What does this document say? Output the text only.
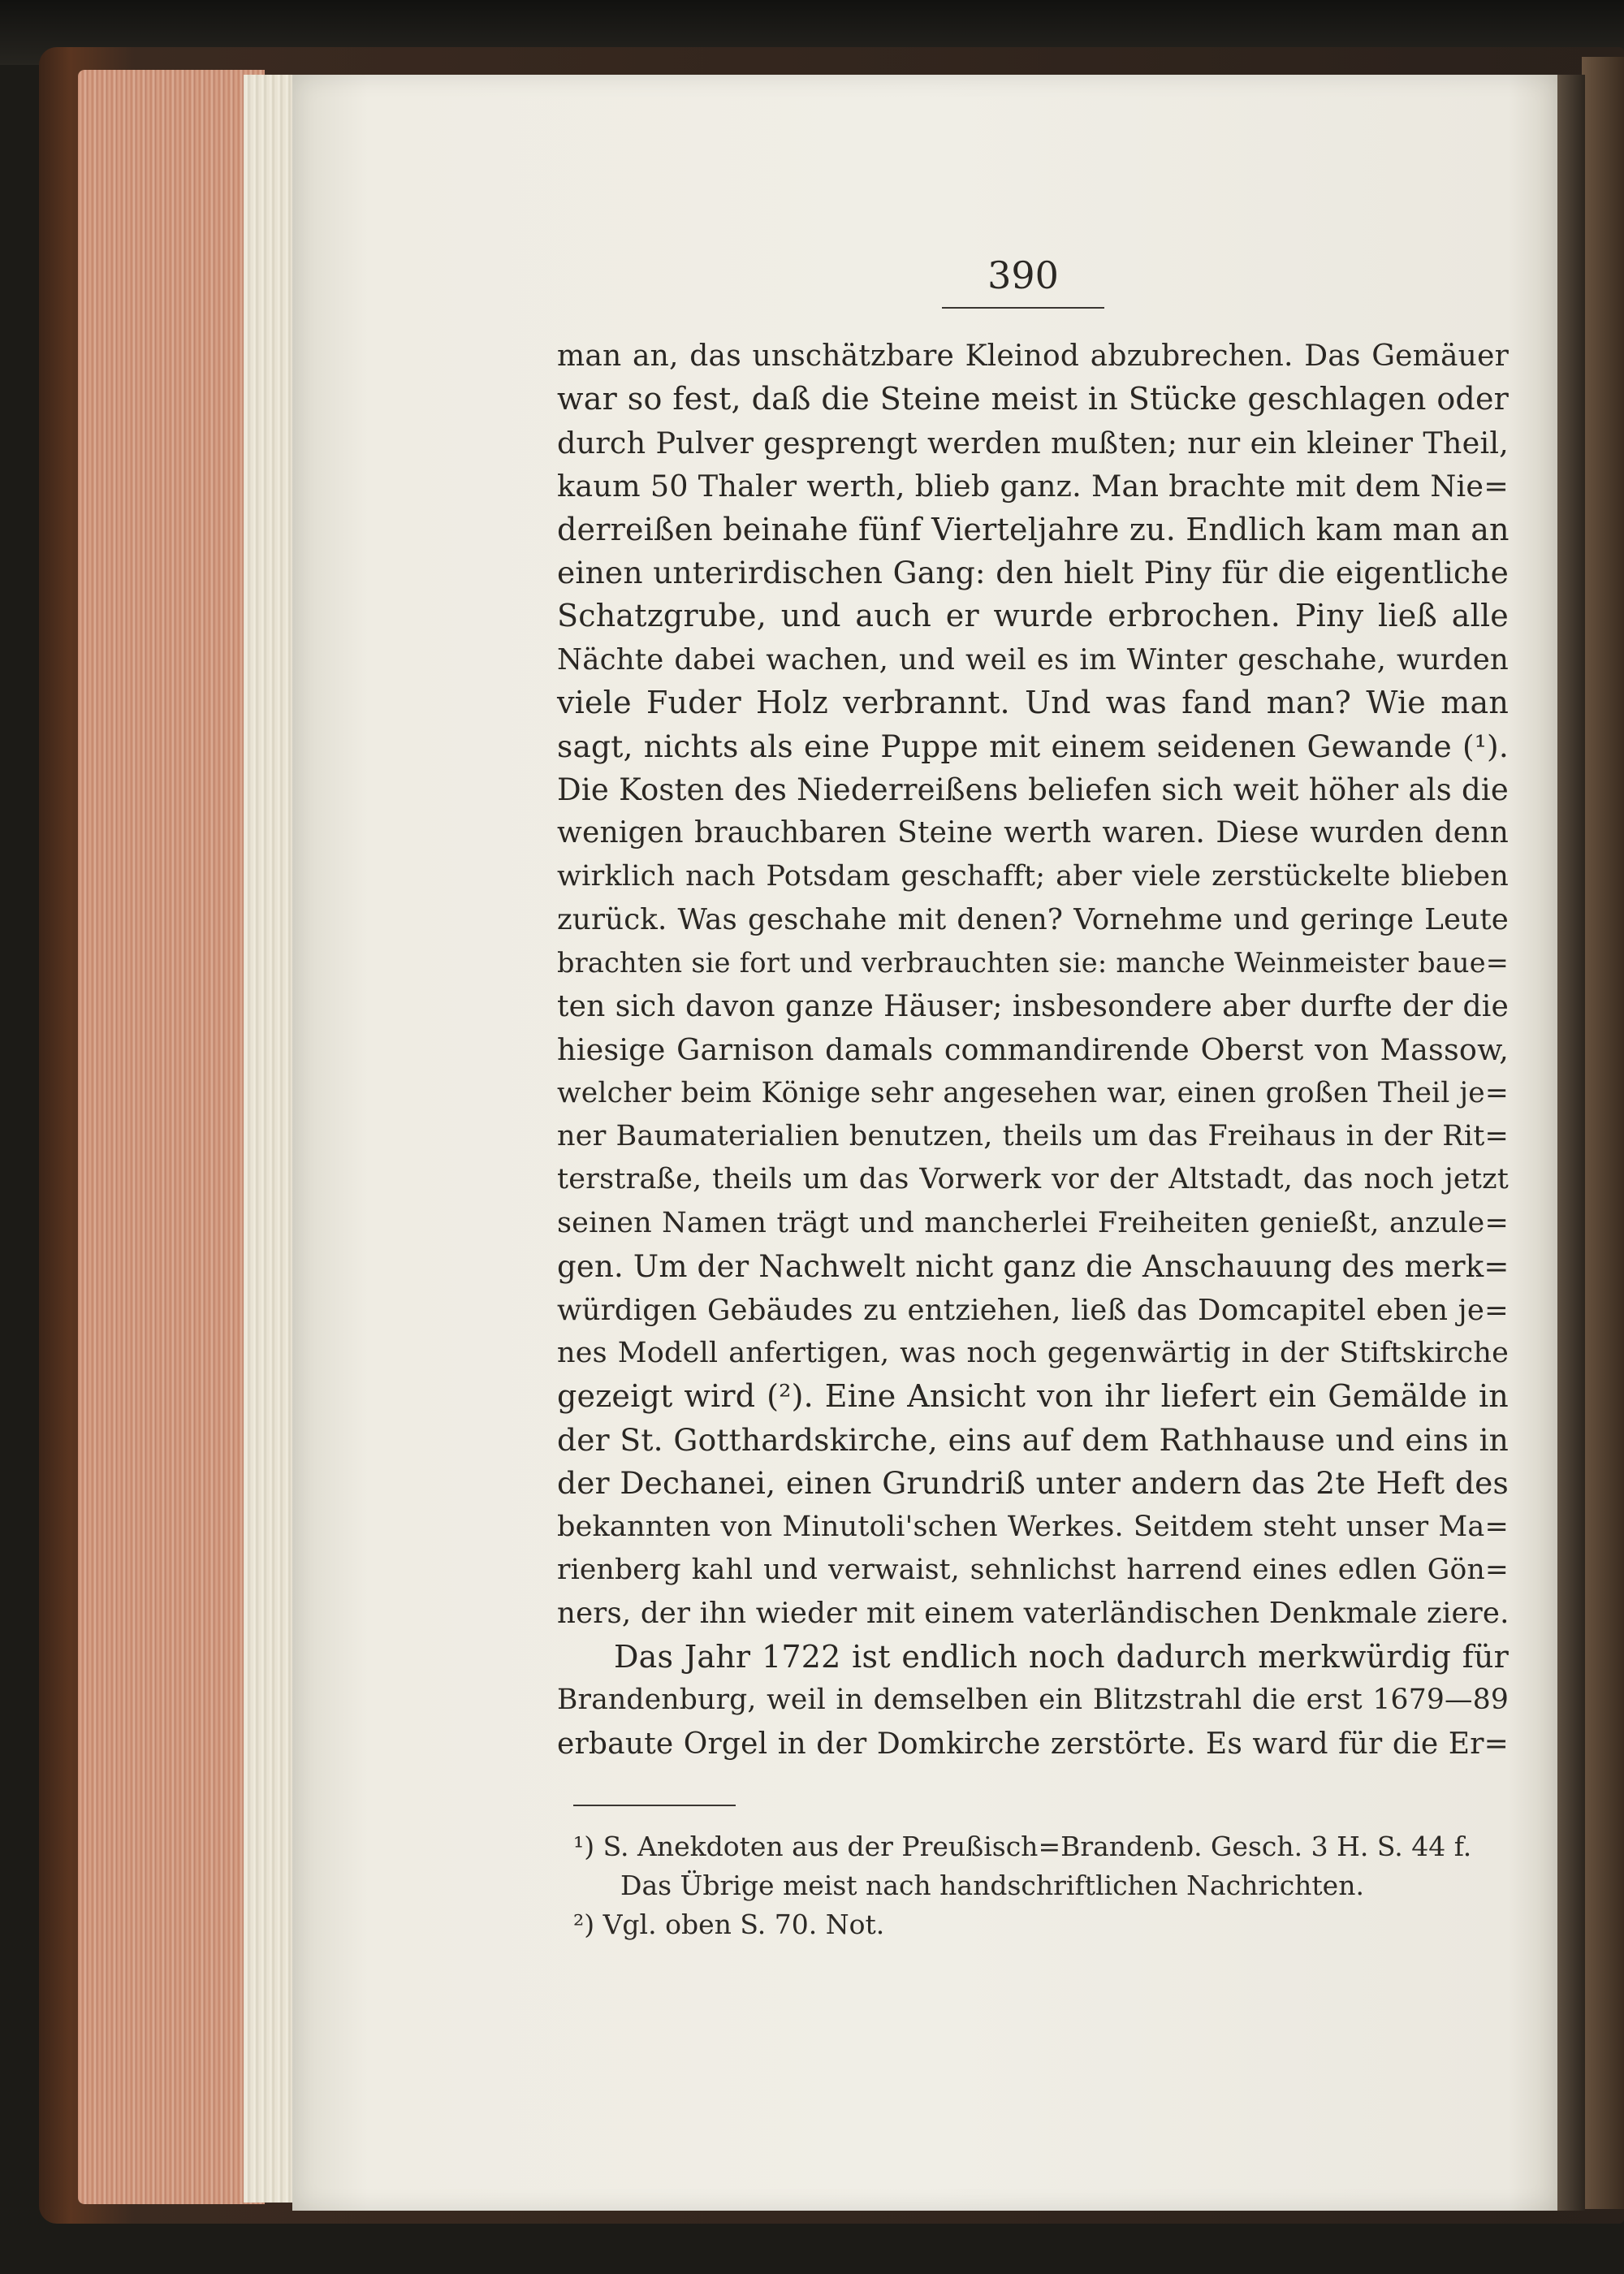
390
man an, das unschätzbare Kleinod abzubrechen. Das Gemäuer
war so fest, daß die Steine meist in Stücke geschlagen oder
durch Pulver gesprengt werden mußten; nur ein kleiner Theil,
kaum 50 Thaler werth, blieb ganz. Man brachte mit dem Nie=
derreißen beinahe fünf Vierteljahre zu. Endlich kam man an
einen unterirdischen Gang: den hielt Piny für die eigentliche
Schatzgrube, und auch er wurde erbrochen. Piny ließ alle
Nächte dabei wachen, und weil es im Winter geschahe, wurden
viele Fuder Holz verbrannt. Und was fand man? Wie man
sagt, nichts als eine Puppe mit einem seidenen Gewande (¹).
Die Kosten des Niederreißens beliefen sich weit höher als die
wenigen brauchbaren Steine werth waren. Diese wurden denn
wirklich nach Potsdam geschafft; aber viele zerstückelte blieben
zurück. Was geschahe mit denen? Vornehme und geringe Leute
brachten sie fort und verbrauchten sie: manche Weinmeister baue=
ten sich davon ganze Häuser; insbesondere aber durfte der die
hiesige Garnison damals commandirende Oberst von Massow,
welcher beim Könige sehr angesehen war, einen großen Theil je=
ner Baumaterialien benutzen, theils um das Freihaus in der Rit=
terstraße, theils um das Vorwerk vor der Altstadt, das noch jetzt
seinen Namen trägt und mancherlei Freiheiten genießt, anzule=
gen. Um der Nachwelt nicht ganz die Anschauung des merk=
würdigen Gebäudes zu entziehen, ließ das Domcapitel eben je=
nes Modell anfertigen, was noch gegenwärtig in der Stiftskirche
gezeigt wird (²). Eine Ansicht von ihr liefert ein Gemälde in
der St. Gotthardskirche, eins auf dem Rathhause und eins in
der Dechanei, einen Grundriß unter andern das 2te Heft des
bekannten von Minutoli'schen Werkes. Seitdem steht unser Ma=
rienberg kahl und verwaist, sehnlichst harrend eines edlen Gön=
ners, der ihn wieder mit einem vaterländischen Denkmale ziere.
Das Jahr 1722 ist endlich noch dadurch merkwürdig für
Brandenburg, weil in demselben ein Blitzstrahl die erst 1679—89
erbaute Orgel in der Domkirche zerstörte. Es ward für die Er=
¹) S. Anekdoten aus der Preußisch=Brandenb. Gesch. 3 H. S. 44 f.
Das Übrige meist nach handschriftlichen Nachrichten.
²) Vgl. oben S. 70. Not.
